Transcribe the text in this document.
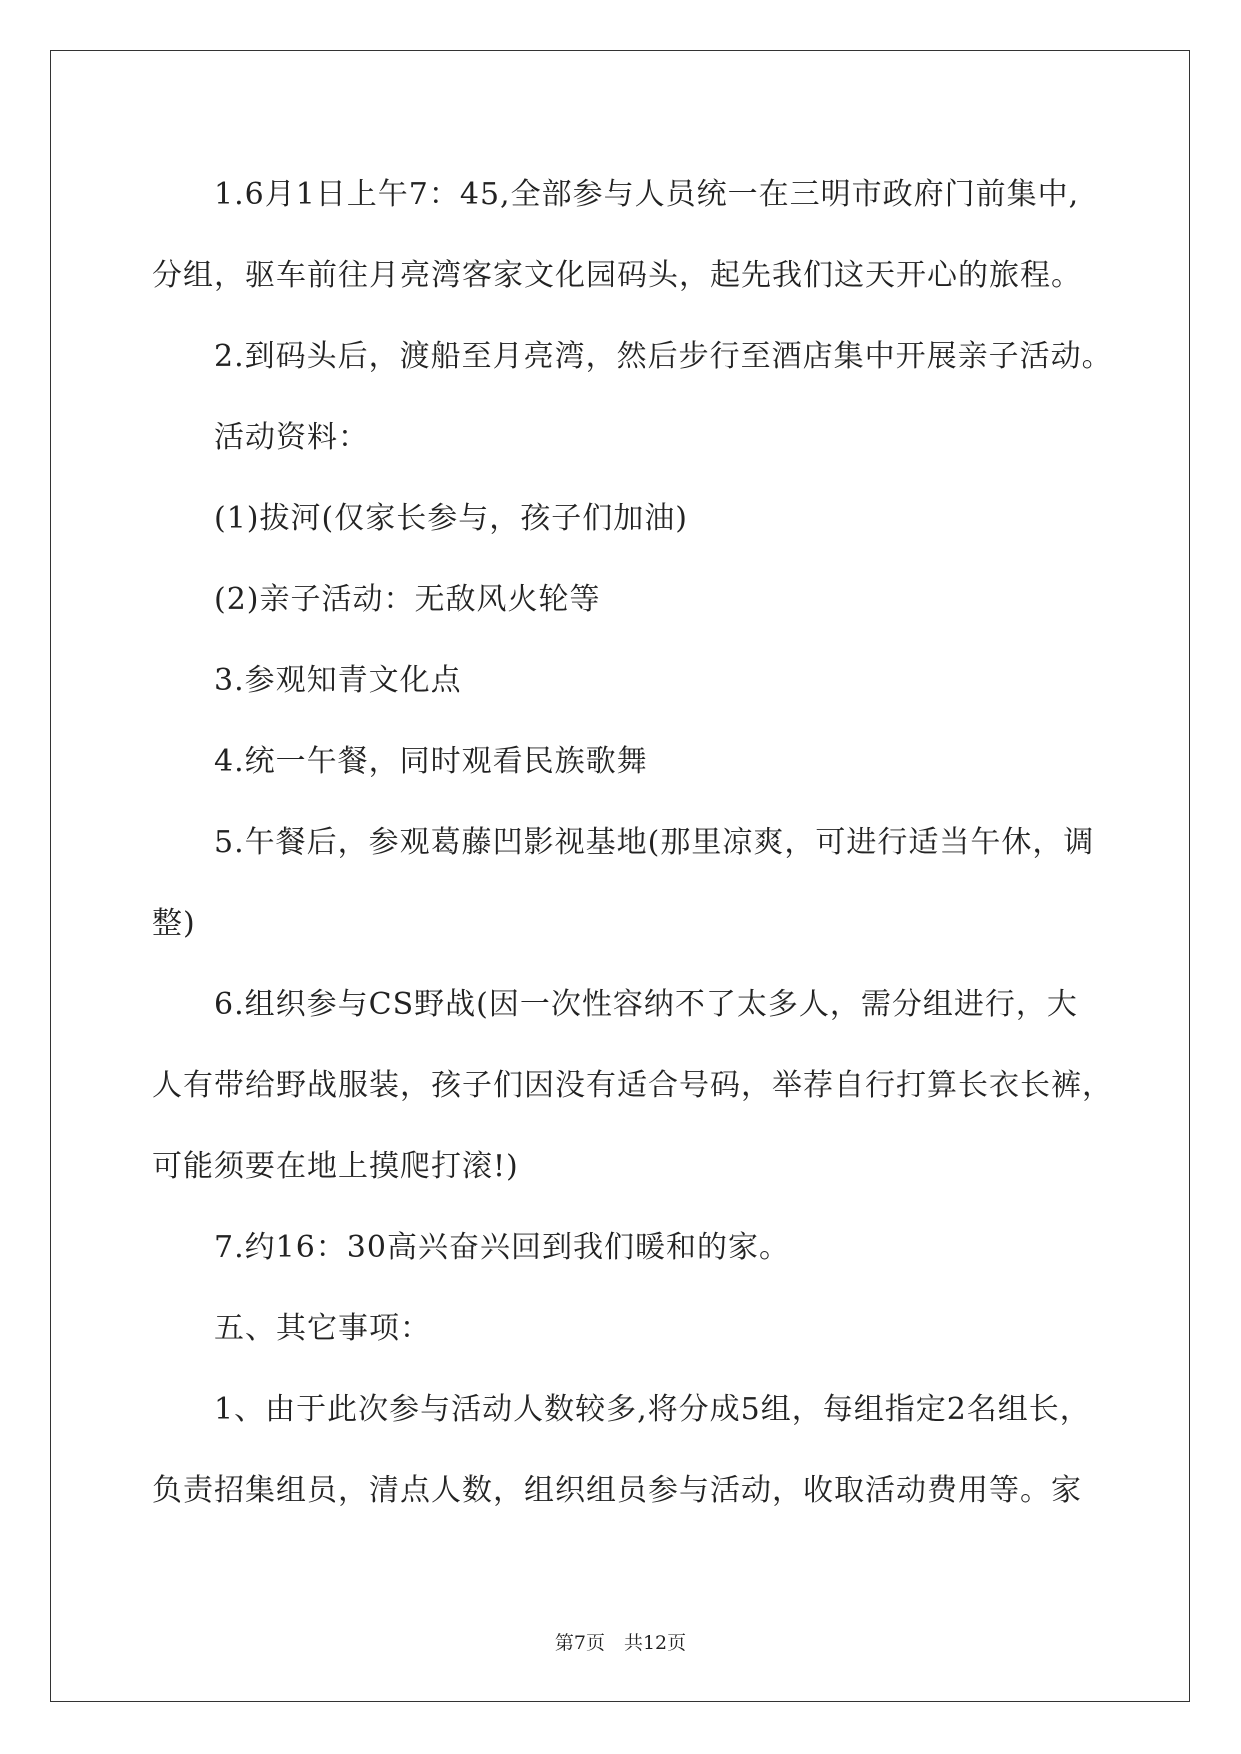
1.6月1日上午7：45,全部参与人员统一在三明市政府门前集中,
分组，驱车前往月亮湾客家文化园码头，起先我们这天开心的旅程。
2.到码头后，渡船至月亮湾，然后步行至酒店集中开展亲子活动。
活动资料：
(1)拔河(仅家长参与，孩子们加油)
(2)亲子活动：无敌风火轮等
3.参观知青文化点
4.统一午餐，同时观看民族歌舞
5.午餐后，参观葛藤凹影视基地(那里凉爽，可进行适当午休，调
整)
6.组织参与CS野战(因一次性容纳不了太多人，需分组进行，大
人有带给野战服装，孩子们因没有适合号码，举荐自行打算长衣长裤，
可能须要在地上摸爬打滚!)
7.约16：30高兴奋兴回到我们暖和的家。
五、其它事项：
1、由于此次参与活动人数较多,将分成5组，每组指定2名组长，
负责招集组员，清点人数，组织组员参与活动，收取活动费用等。家
第7页　共12页
